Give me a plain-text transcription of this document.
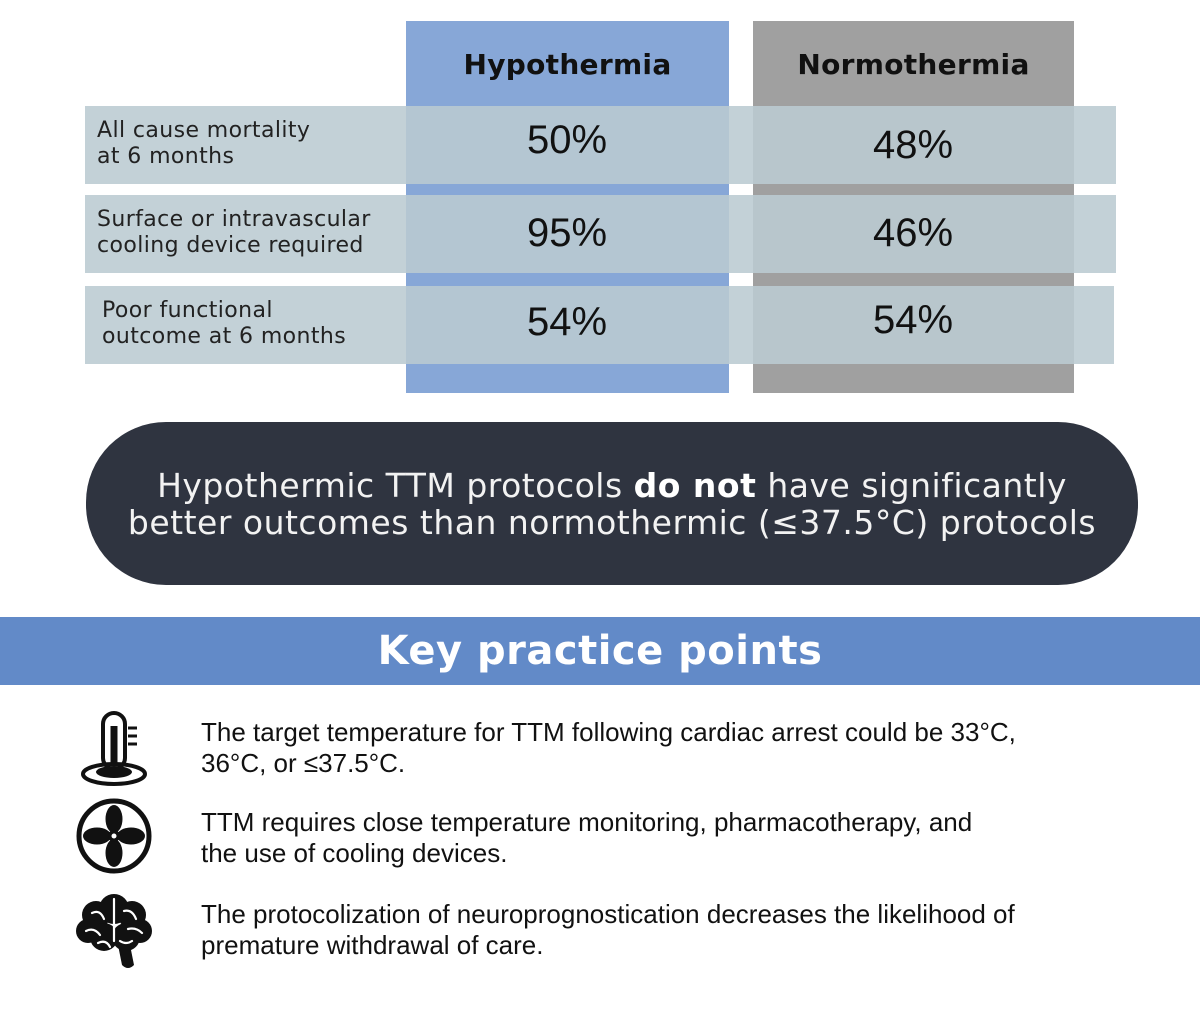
Hypothermia	Normothermia
All cause mortality
at 6 months	50%	48%
Surface or intravascular
cooling device required	95%	46%
Poor functional
outcome at 6 months	54%	54%
Hypothermic TTM protocols do not have significantly
better outcomes than normothermic (≤37.5°C) protocols
Key practice points
The target temperature for TTM following cardiac arrest could be 33°C,
36°C, or ≤37.5°C.
TTM requires close temperature monitoring, pharmacotherapy, and
the use of cooling devices.
The protocolization of neuroprognostication decreases the likelihood of
premature withdrawal of care.
